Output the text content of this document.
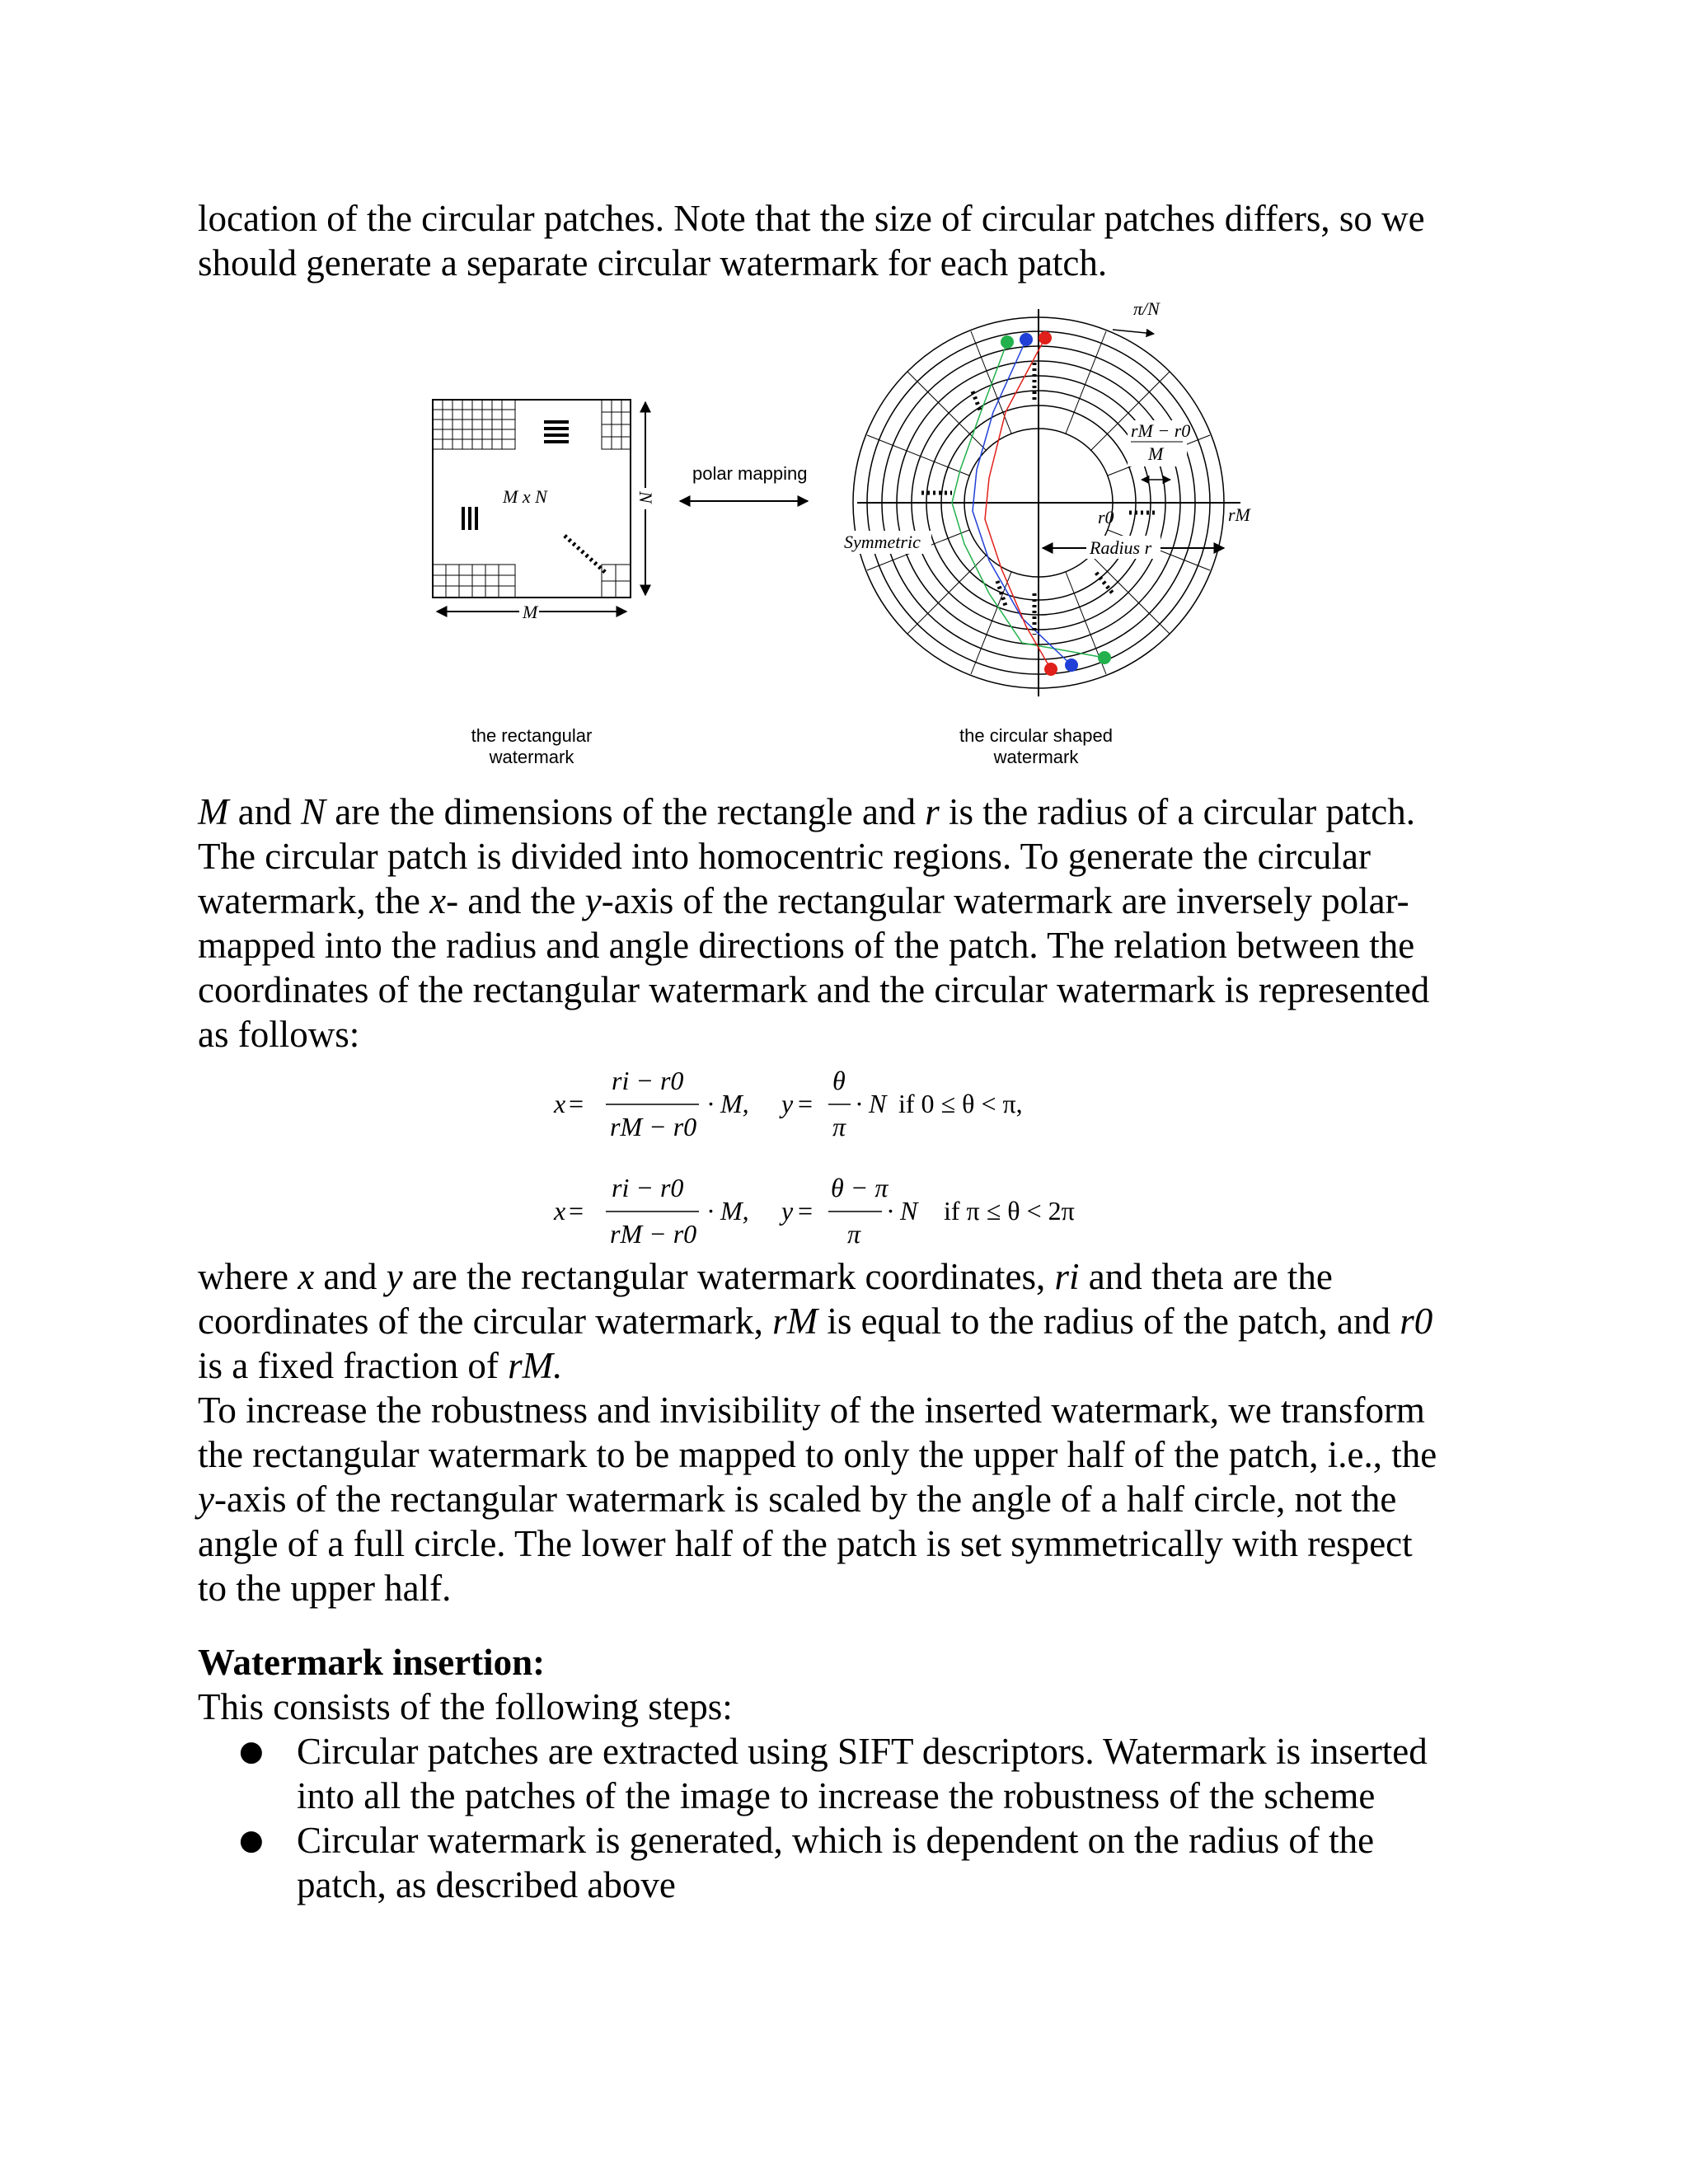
location of the circular patches. Note that the size of circular patches differs, so we

should generate a separate circular watermark for each patch.

M x N
M
N
polar mapping
Radius r
Symmetric
π/N
rM − r0
M
r0	rM
the rectangular
watermark
the circular shaped
watermark

M and N are the dimensions of the rectangle and r is the radius of a circular patch.

The circular patch is divided into homocentric regions. To generate the circular

watermark, the x- and the y-axis of the rectangular watermark are inversely polar-

mapped into the radius and angle directions of the patch. The relation between the

coordinates of the rectangular watermark and the circular watermark is represented

as follows:

x =
ri − r0
rM − r0
· M, y =
θ
π
· N if 0 ≤ θ < π,
x =
ri − r0
rM − r0
· M, y =
θ − π
π
· N if π ≤ θ < 2π

where x and y are the rectangular watermark coordinates, ri and theta are the

coordinates of the circular watermark, rM is equal to the radius of the patch, and r0

is a fixed fraction of rM.

To increase the robustness and invisibility of the inserted watermark, we transform

the rectangular watermark to be mapped to only the upper half of the patch, i.e., the

y-axis of the rectangular watermark is scaled by the angle of a half circle, not the

angle of a full circle. The lower half of the patch is set symmetrically with respect

to the upper half.

Watermark insertion:

This consists of the following steps:

● Circular patches are extracted using SIFT descriptors. Watermark is inserted
into all the patches of the image to increase the robustness of the scheme
● Circular watermark is generated, which is dependent on the radius of the
patch, as described above
